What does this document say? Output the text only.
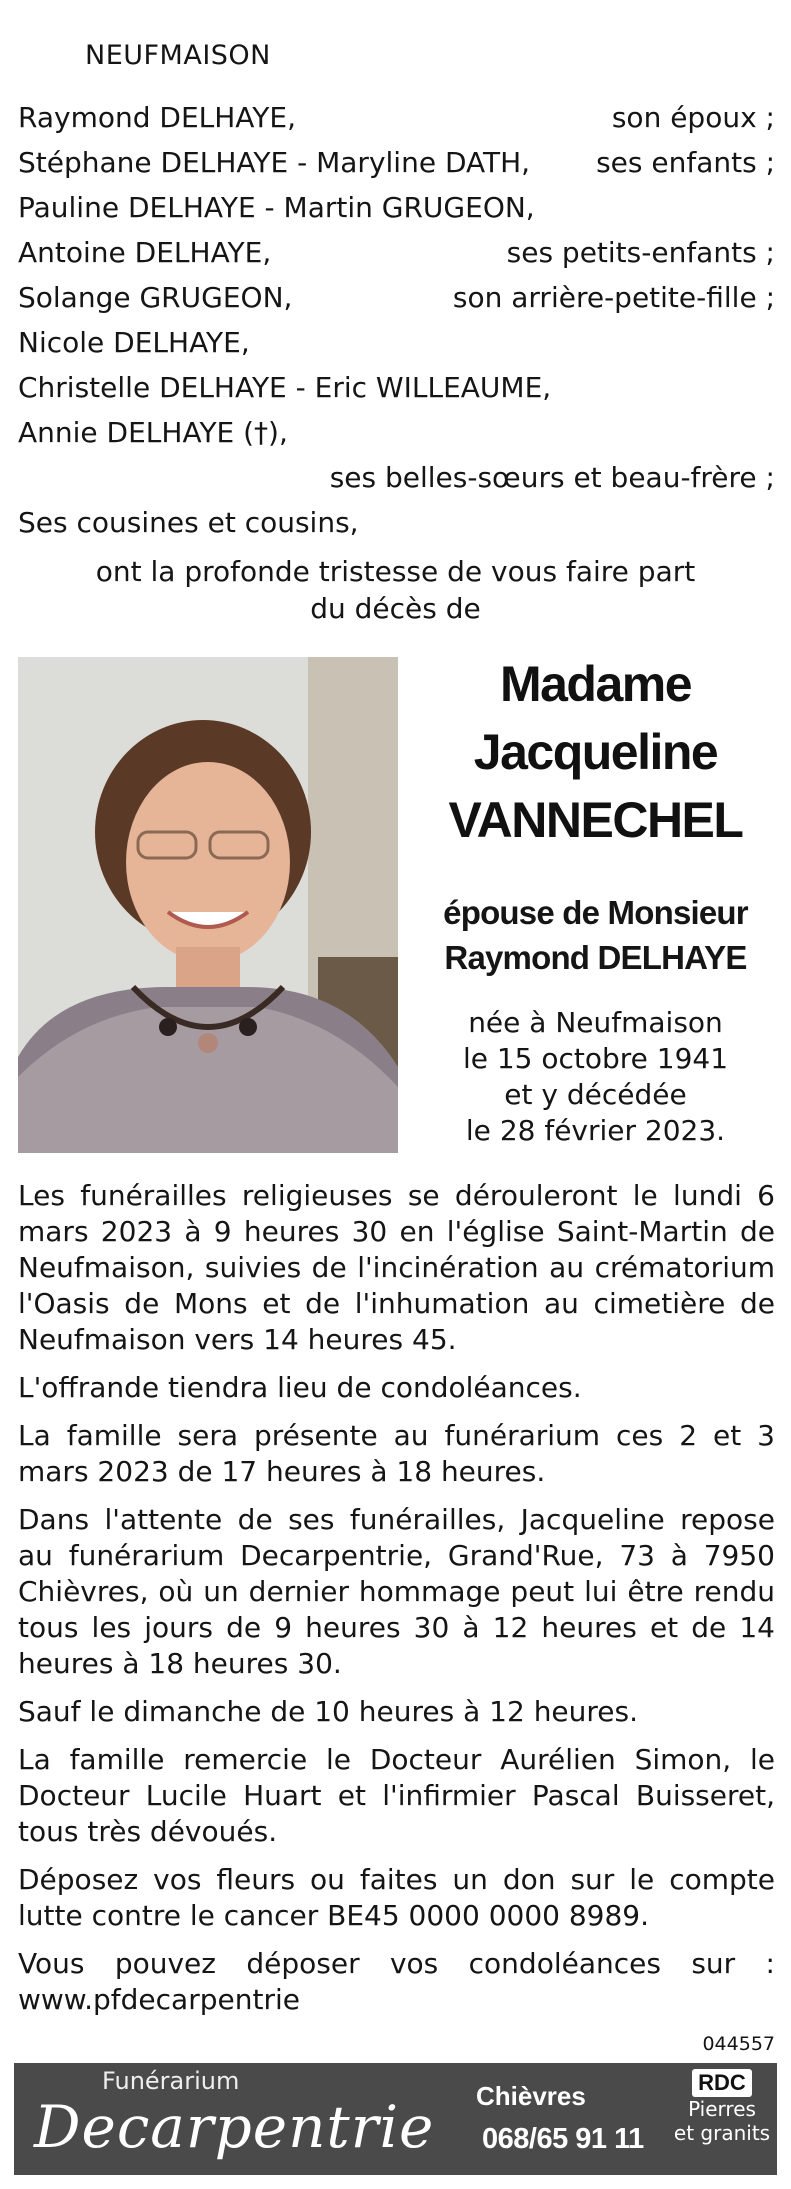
NEUFMAISON
Raymond DELHAYE,	son époux ;
Stéphane DELHAYE - Maryline DATH, ses enfants ;
Pauline DELHAYE - Martin GRUGEON,
Antoine DELHAYE,	ses petits-enfants ;
Solange GRUGEON,	son arrière-petite-fille ;
Nicole DELHAYE,
Christelle DELHAYE - Eric WILLEAUME,
Annie DELHAYE (†),
ses belles-sœurs et beau-frère ;
Ses cousines et cousins,
ont la profonde tristesse de vous faire part
du décès de
Madame
Jacqueline
VANNECHEL
épouse de Monsieur
Raymond DELHAYE
née à Neufmaison
le 15 octobre 1941
et y décédée
le 28 février 2023.

Les funérailles religieuses se dérouleront le lundi 6 mars 2023 à 9 heures 30 en l'église Saint-Martin de Neufmaison, suivies de l'incinération au crématorium l'Oasis de Mons et de l'inhumation au cimetière de Neufmaison vers 14 heures 45.

L'offrande tiendra lieu de condoléances.

La famille sera présente au funérarium ces 2 et 3 mars 2023 de 17 heures à 18 heures.

Dans l'attente de ses funérailles, Jacqueline repose au funérarium Decarpentrie, Grand'Rue, 73 à 7950 Chièvres, où un dernier hommage peut lui être rendu tous les jours de 9 heures 30 à 12 heures et de 14 heures à 18 heures 30.

Sauf le dimanche de 10 heures à 12 heures.

La famille remercie le Docteur Aurélien Simon, le Docteur Lucile Huart et l'infirmier Pascal Buisseret, tous très dévoués.

Déposez vos fleurs ou faites un don sur le compte lutte contre le cancer BE45 0000 0000 8989.

Vous pouvez déposer vos condoléances sur : www.pfdecarpentrie

044557
Funérarium
Decarpentrie Chièvres
068/65 91 11
RDC
Pierres
et granits
